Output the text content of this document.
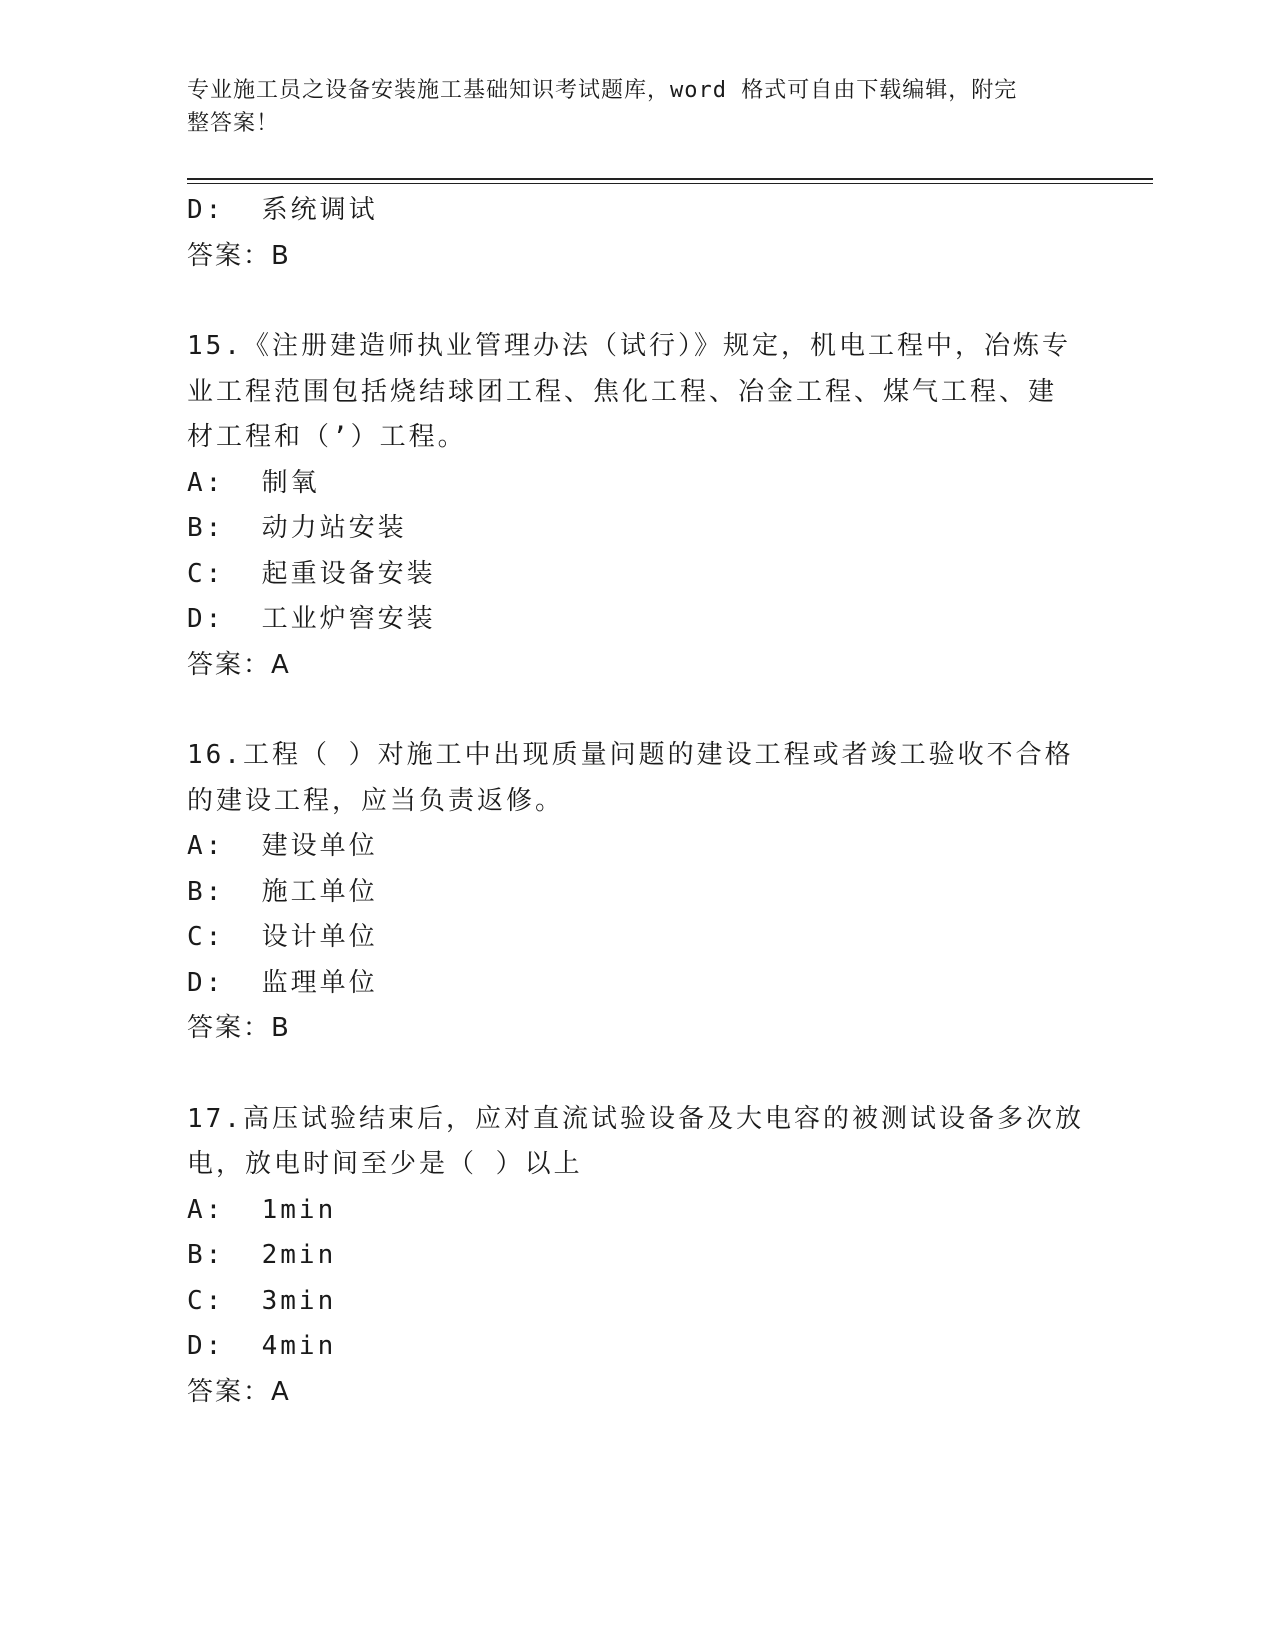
专业施工员之设备安装施工基础知识考试题库，word 格式可自由下载编辑，附完
整答案！
D:  系统调试
答案：B
15.《注册建造师执业管理办法（试行）》规定，机电工程中，冶炼专
业工程范围包括烧结球团工程、焦化工程、冶金工程、煤气工程、建
材工程和（’）工程。
A:  制氧
B:  动力站安装
C:  起重设备安装
D:  工业炉窖安装
答案：A
16.工程（ ）对施工中出现质量问题的建设工程或者竣工验收不合格
的建设工程，应当负责返修。
A:  建设单位
B:  施工单位
C:  设计单位
D:  监理单位
答案：B
17.高压试验结束后，应对直流试验设备及大电容的被测试设备多次放
电，放电时间至少是（ ）以上
A:  1min
B:  2min
C:  3min
D:  4min
答案：A
